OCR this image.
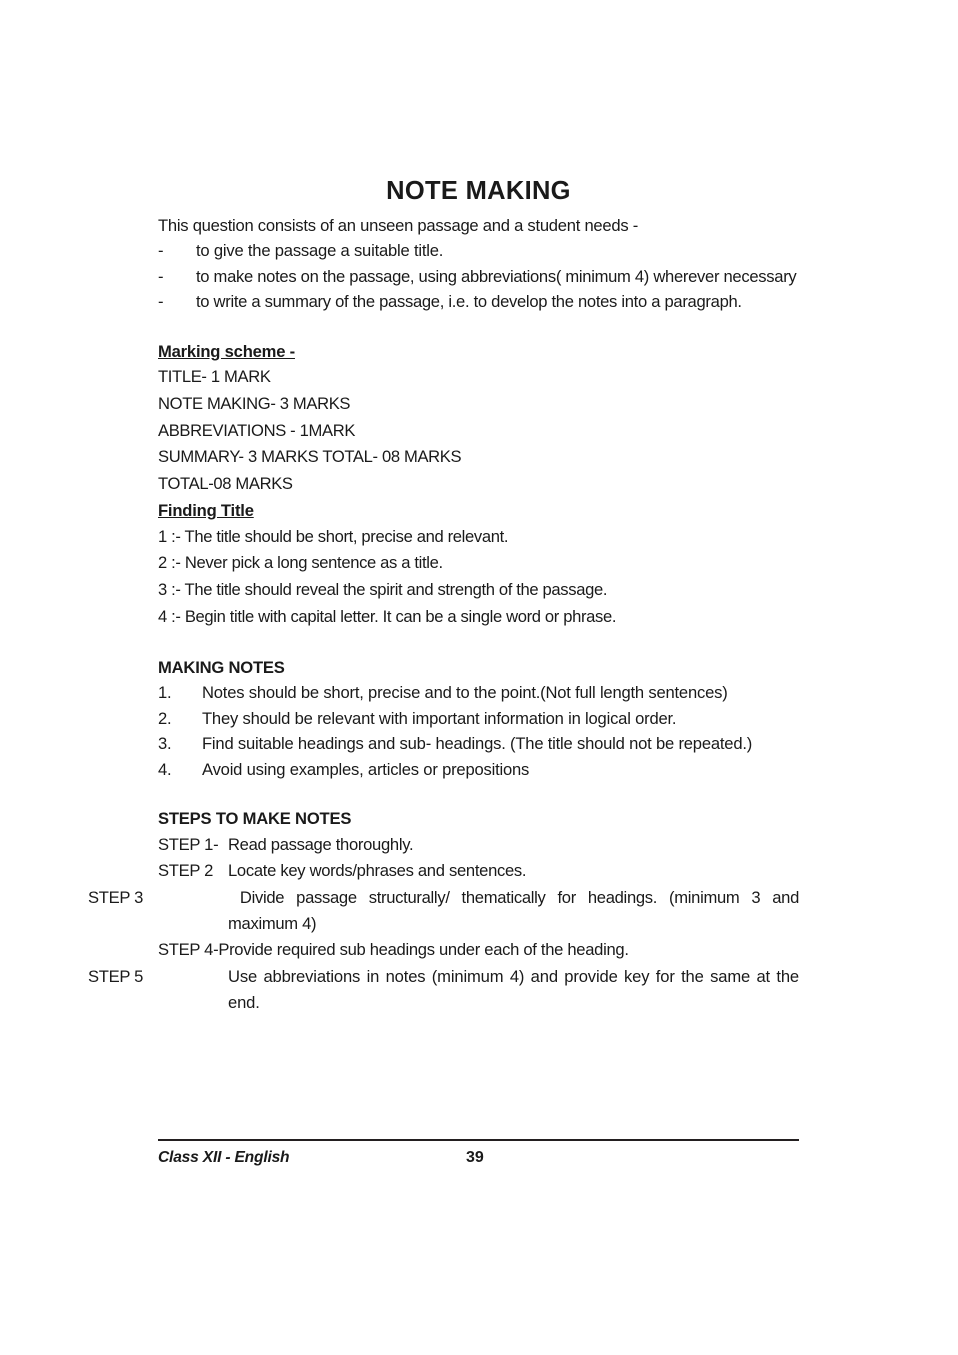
NOTE MAKING

This question consists of an unseen passage and a student needs -

- to give the passage a suitable title.
- to make notes on the passage, using abbreviations( minimum 4) wherever necessary
- to write a summary of the passage, i.e. to develop the notes into a paragraph.
Marking scheme -

TITLE- 1 MARK

NOTE MAKING- 3 MARKS

ABBREVIATIONS - 1MARK

SUMMARY- 3 MARKS TOTAL- 08 MARKS

TOTAL-08 MARKS

Finding Title

1 :- The title should be short, precise and relevant.

2 :- Never pick a long sentence as a title.

3 :- The title should reveal the spirit and strength of the passage.

4 :- Begin title with capital letter. It can be a single word or phrase.

MAKING NOTES

1. Notes should be short, precise and to the point.(Not full length sentences)
2. They should be relevant with important information in logical order.
3. Find suitable headings and sub- headings. (The title should not be repeated.)
4. Avoid using examples, articles or prepositions

STEPS TO MAKE NOTES

STEP 1- Read passage thoroughly.
STEP 2 Locate key words/phrases and sentences.
STEP 3	Divide passage structurally/ thematically for headings. (minimum 3 and maximum 4)
STEP 4-Provide required sub headings under each of the heading.
STEP 5	Use abbreviations in notes (minimum 4) and provide key for the same at the end.
Class XII - English	39
